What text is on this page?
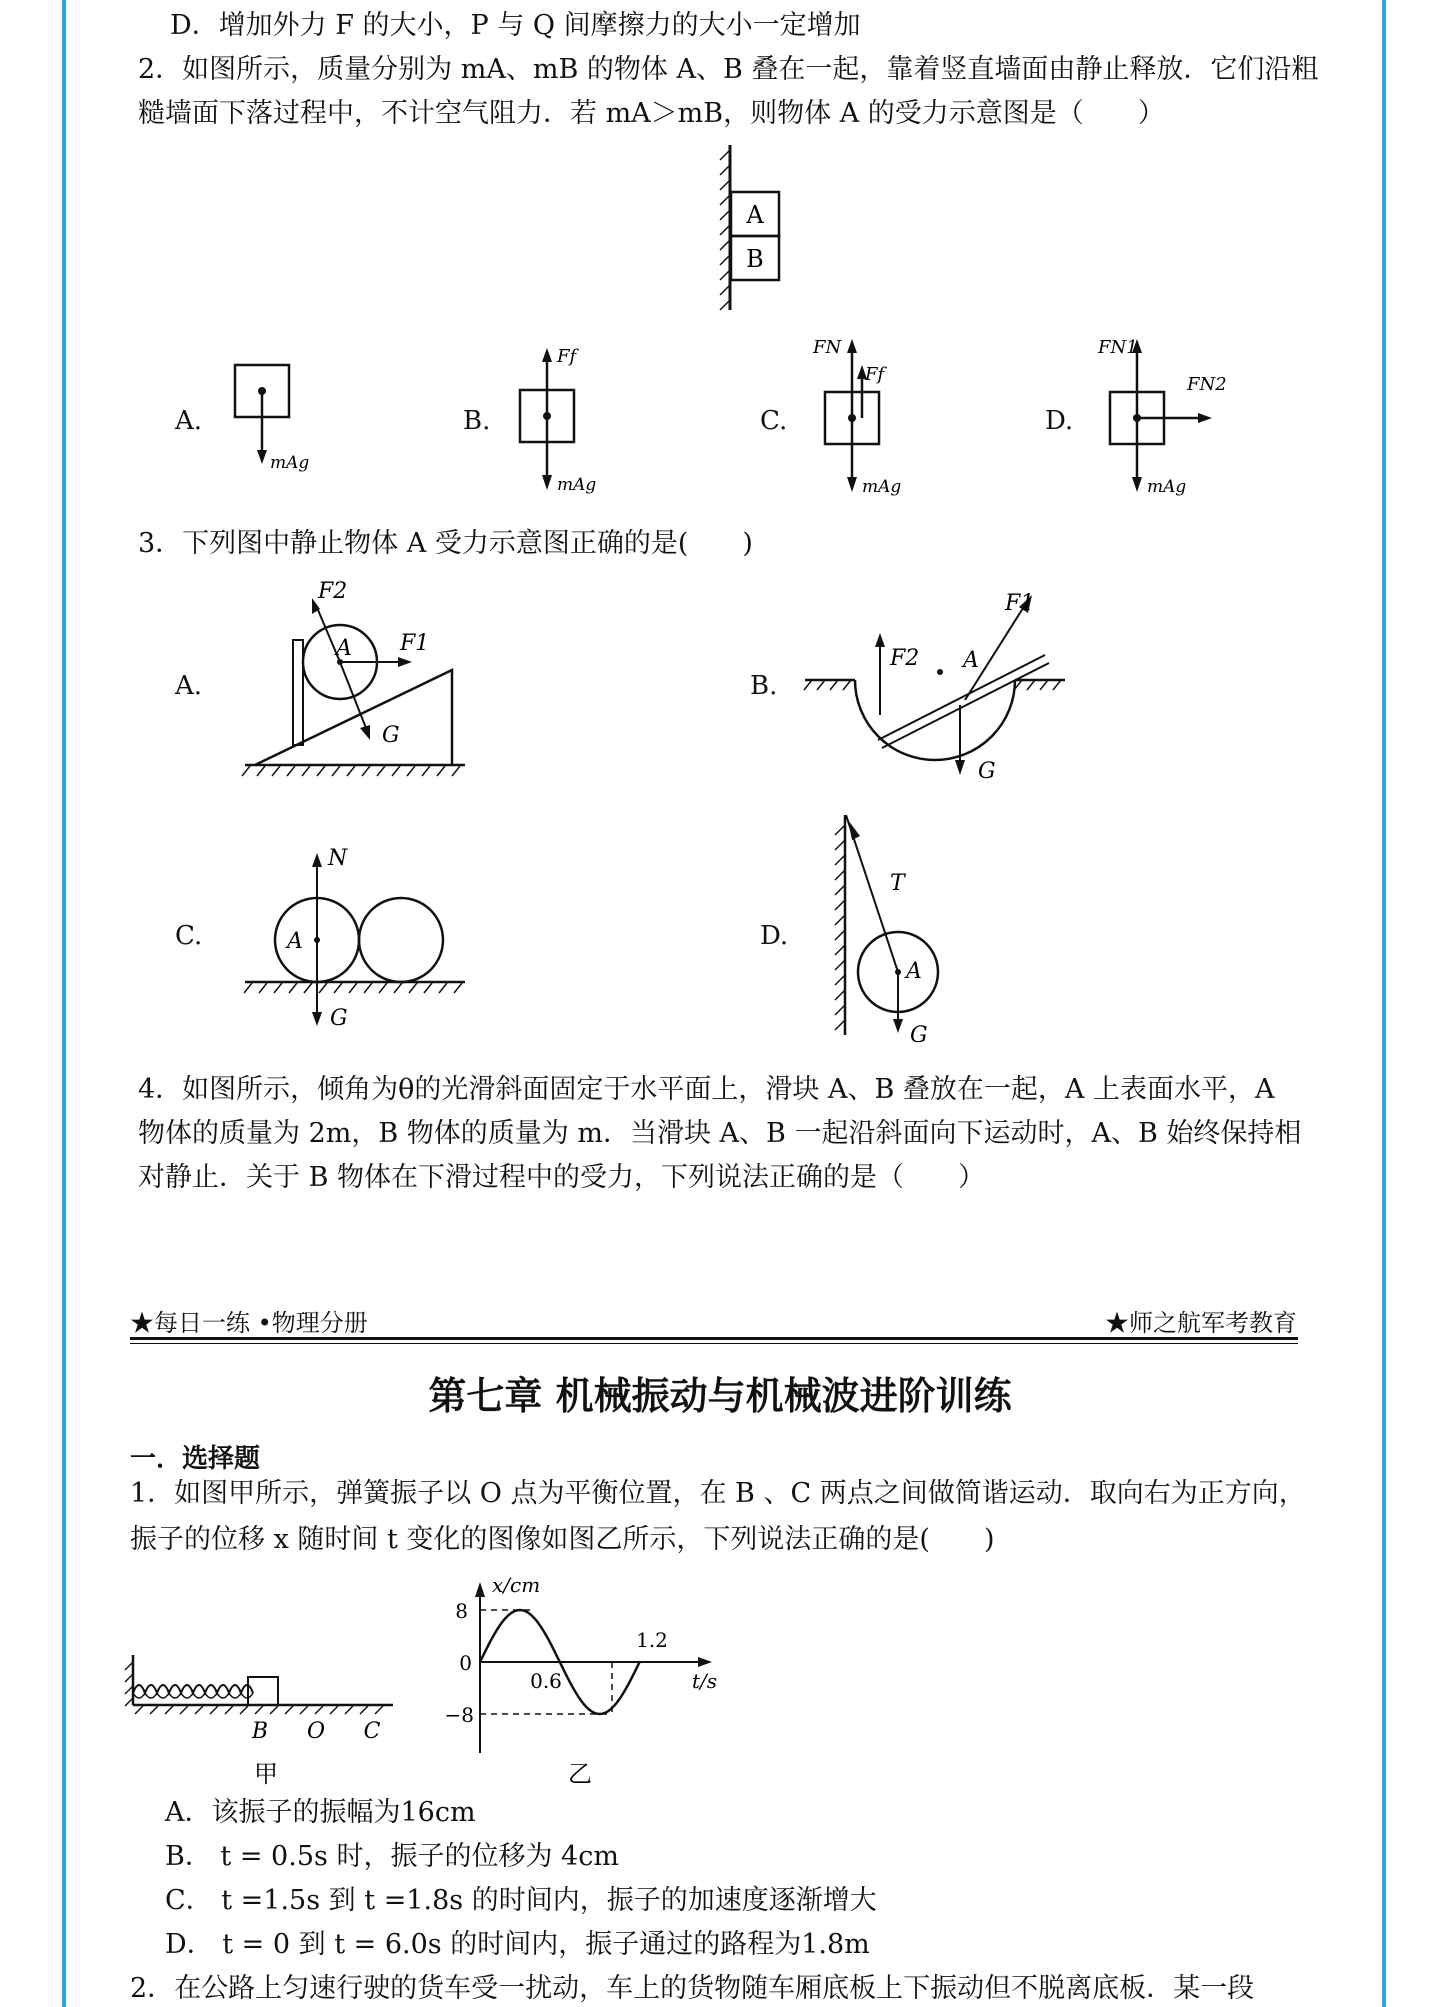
D．增加外力 F 的大小，P 与 Q 间摩擦力的大小一定增加
2．如图所示，质量分别为 mA、mB 的物体 A、B 叠在一起，靠着竖直墙面由静止释放．它们沿粗
糙墙面下落过程中，不计空气阻力．若 mA＞mB，则物体 A 的受力示意图是（　　）
A
B
A.	B.	C.	D.
mAg
Ff
mAg
FN
Ff
mAg
FN1
FN2
mAg
3．下列图中静止物体 A 受力示意图正确的是(　　)
A.	B.
C.	D.
F2
F1
A
G
F2 A
F1
G
N
A
G
T
A
G
4．如图所示，倾角为θ的光滑斜面固定于水平面上，滑块 A、B 叠放在一起，A 上表面水平，A
物体的质量为 2m，B 物体的质量为 m．当滑块 A、B 一起沿斜面向下运动时，A、B 始终保持相
对静止．关于 B 物体在下滑过程中的受力，下列说法正确的是（　　）
★每日一练 •物理分册	★师之航军考教育
第七章 机械振动与机械波进阶训练
一．选择题
1．如图甲所示，弹簧振子以 O 点为平衡位置，在 B 、C 两点之间做简谐运动．取向右为正方向，
振子的位移 x 随时间 t 变化的图像如图乙所示，下列说法正确的是(　　)
B O C
甲
x/cm
8
0
−8
0.6
1.2
t/s
乙
A．该振子的振幅为16cm
B． t = 0.5s 时，振子的位移为 4cm
C． t =1.5s 到 t =1.8s 的时间内，振子的加速度逐渐增大
D． t = 0 到 t = 6.0s 的时间内，振子通过的路程为1.8m
2．在公路上匀速行驶的货车受一扰动，车上的货物随车厢底板上下振动但不脱离底板．某一段
